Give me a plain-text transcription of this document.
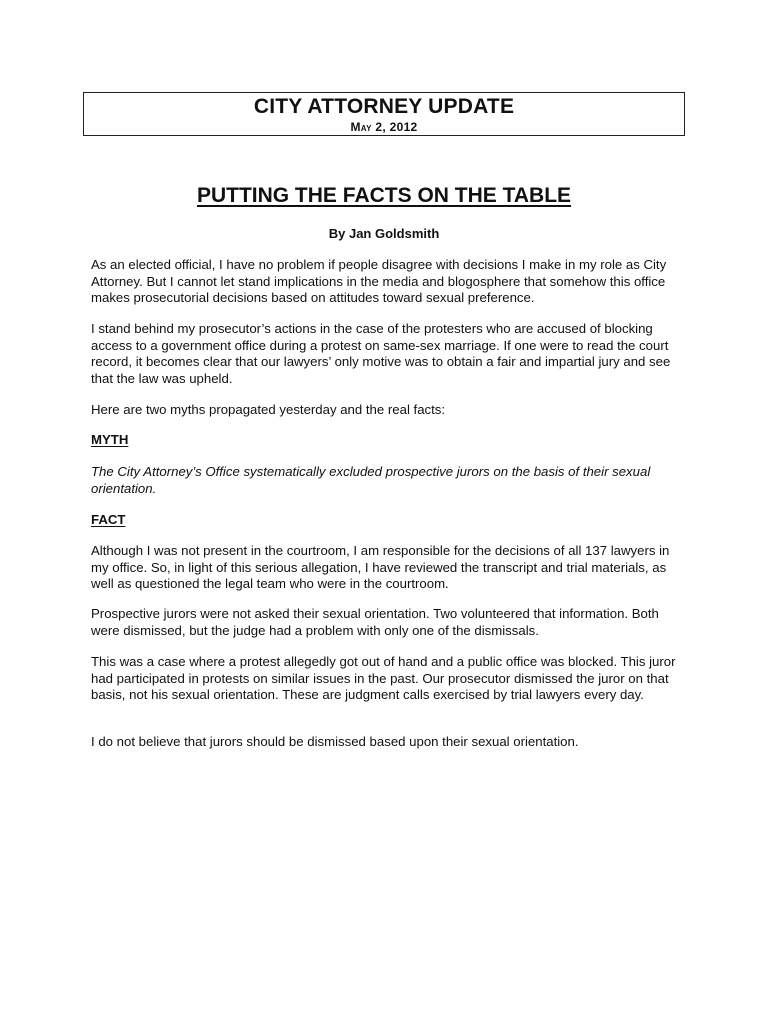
CITY ATTORNEY UPDATE
May 2, 2012
PUTTING THE FACTS ON THE TABLE
By Jan Goldsmith

As an elected official, I have no problem if people disagree with decisions I make in my role as City Attorney. But I cannot let stand implications in the media and blogosphere that somehow this office makes prosecutorial decisions based on attitudes toward sexual preference.

I stand behind my prosecutor’s actions in the case of the protesters who are accused of blocking access to a government office during a protest on same-sex marriage. If one were to read the court record, it becomes clear that our lawyers’ only motive was to obtain a fair and impartial jury and see that the law was upheld.

Here are two myths propagated yesterday and the real facts:

MYTH

The City Attorney’s Office systematically excluded prospective jurors on the basis of their sexual orientation.

FACT

Although I was not present in the courtroom, I am responsible for the decisions of all 137 lawyers in my office. So, in light of this serious allegation, I have reviewed the transcript and trial materials, as well as questioned the legal team who were in the courtroom.

Prospective jurors were not asked their sexual orientation. Two volunteered that information. Both were dismissed, but the judge had a problem with only one of the dismissals.

This was a case where a protest allegedly got out of hand and a public office was blocked. This juror had participated in protests on similar issues in the past. Our prosecutor dismissed the juror on that basis, not his sexual orientation. These are judgment calls exercised by trial lawyers every day.

I do not believe that jurors should be dismissed based upon their sexual orientation.
